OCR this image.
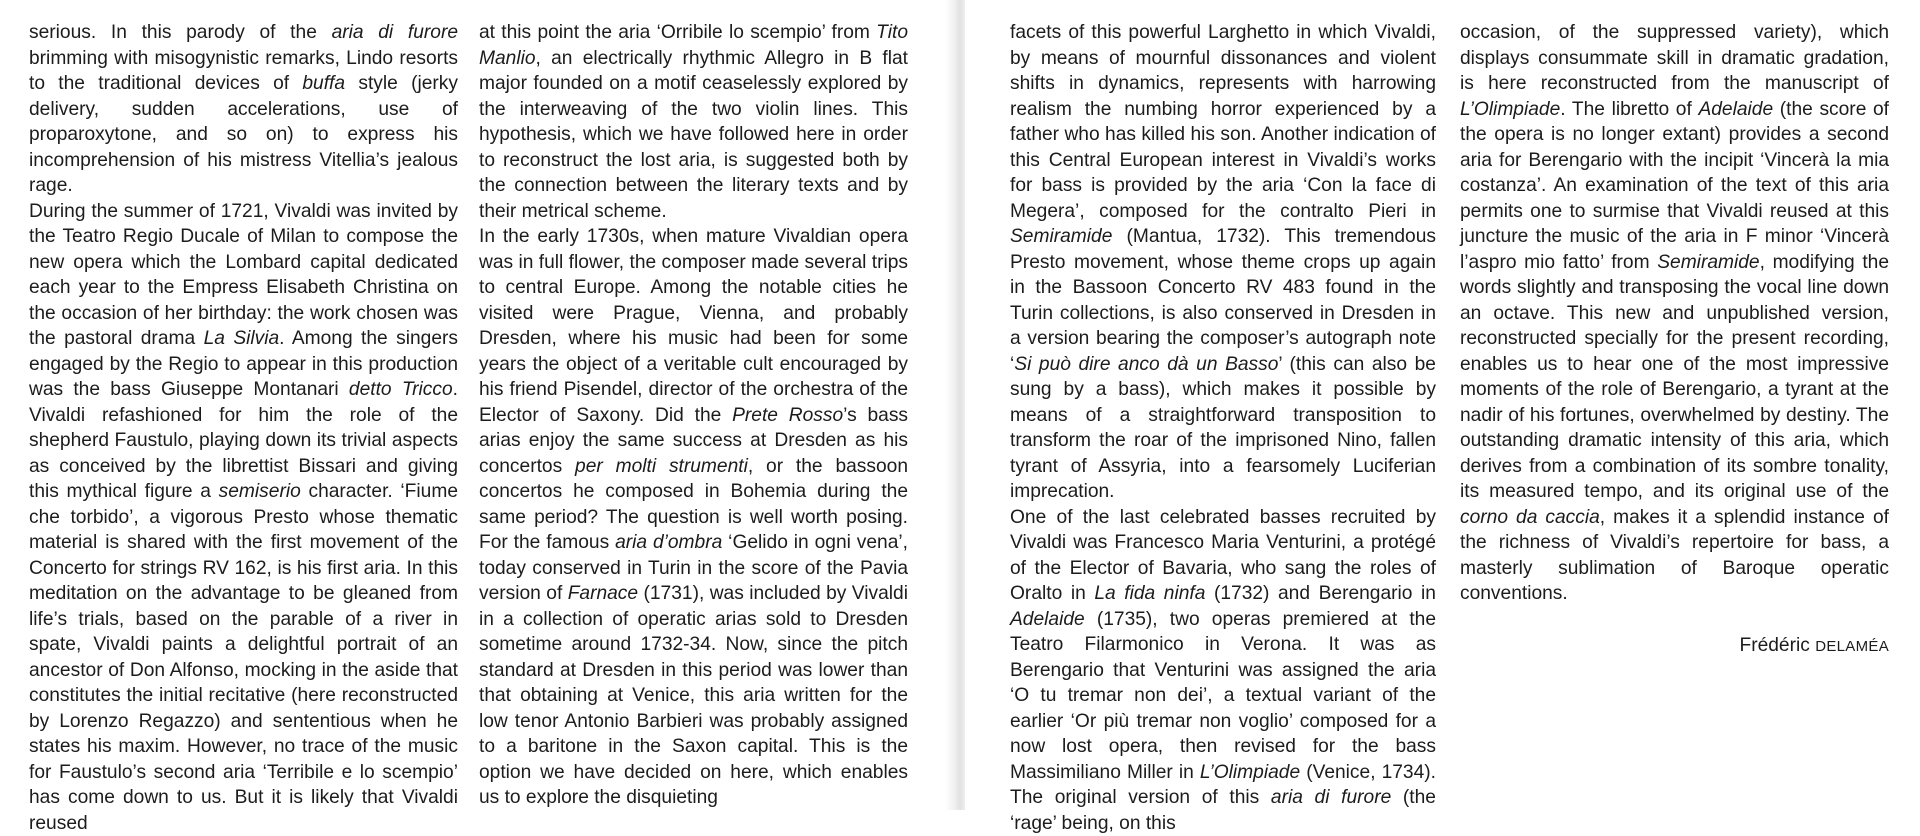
serious. In this parody of the aria di furore brimming with misogynistic remarks, Lindo resorts to the traditional devices of buffa style (jerky delivery, sudden accelerations, use of proparoxytone, and so on) to express his incomprehension of his mistress Vitellia’s jealous rage.

During the summer of 1721, Vivaldi was invited by the Teatro Regio Ducale of Milan to compose the new opera which the Lombard capital dedicated each year to the Empress Elisabeth Christina on the occasion of her birthday: the work chosen was the pastoral drama La Silvia. Among the singers engaged by the Regio to appear in this production was the bass Giuseppe Montanari detto Tricco. Vivaldi refashioned for him the role of the shepherd Faustulo, playing down its trivial aspects as conceived by the librettist Bissari and giving this mythical figure a semiserio character. ‘Fiume che torbido’, a vigorous Presto whose thematic material is shared with the first movement of the Concerto for strings RV 162, is his first aria. In this meditation on the advantage to be gleaned from life’s trials, based on the parable of a river in spate, Vivaldi paints a delightful portrait of an ancestor of Don Alfonso, mocking in the aside that constitutes the initial recitative (here reconstructed by Lorenzo Regazzo) and sententious when he states his maxim. However, no trace of the music for Faustulo’s second aria ‘Terribile e lo scempio’ has come down to us. But it is likely that Vivaldi reused

at this point the aria ‘Orribile lo scempio’ from Tito Manlio, an electrically rhythmic Allegro in B flat major founded on a motif ceaselessly explored by the interweaving of the two violin lines. This hypothesis, which we have followed here in order to reconstruct the lost aria, is suggested both by the connection between the literary texts and by their metrical scheme.

In the early 1730s, when mature Vivaldian opera was in full flower, the composer made several trips to central Europe. Among the notable cities he visited were Prague, Vienna, and probably Dresden, where his music had been for some years the object of a veritable cult encouraged by his friend Pisendel, director of the orchestra of the Elector of Saxony. Did the Prete Rosso’s bass arias enjoy the same success at Dresden as his concertos per molti strumenti, or the bassoon concertos he composed in Bohemia during the same period? The question is well worth posing. For the famous aria d’ombra ‘Gelido in ogni vena’, today conserved in Turin in the score of the Pavia version of Farnace (1731), was included by Vivaldi in a collection of operatic arias sold to Dresden sometime around 1732-34. Now, since the pitch standard at Dresden in this period was lower than that obtaining at Venice, this aria written for the low tenor Antonio Barbieri was probably assigned to a baritone in the Saxon capital. This is the option we have decided on here, which enables us to explore the disquieting

facets of this powerful Larghetto in which Vivaldi, by means of mournful dissonances and violent shifts in dynamics, represents with harrowing realism the numbing horror experienced by a father who has killed his son. Another indication of this Central European interest in Vivaldi’s works for bass is provided by the aria ‘Con la face di Megera’, composed for the contralto Pieri in Semiramide (Mantua, 1732). This tremendous Presto movement, whose theme crops up again in the Bassoon Concerto RV 483 found in the Turin collections, is also conserved in Dresden in a version bearing the composer’s autograph note ‘Si può dire anco dà un Basso’ (this can also be sung by a bass), which makes it possible by means of a straightforward transposition to transform the roar of the imprisoned Nino, fallen tyrant of Assyria, into a fearsomely Luciferian imprecation.

One of the last celebrated basses recruited by Vivaldi was Francesco Maria Venturini, a protégé of the Elector of Bavaria, who sang the roles of Oralto in La fida ninfa (1732) and Berengario in Adelaide (1735), two operas premiered at the Teatro Filarmonico in Verona. It was as Berengario that Venturini was assigned the aria ‘O tu tremar non dei’, a textual variant of the earlier ‘Or più tremar non voglio’ composed for a now lost opera, then revised for the bass Massimiliano Miller in L’Olimpiade (Venice, 1734). The original version of this aria di furore (the ‘rage’ being, on this

occasion, of the suppressed variety), which displays consummate skill in dramatic gradation, is here reconstructed from the manuscript of L’Olimpiade. The libretto of Adelaide (the score of the opera is no longer extant) provides a second aria for Berengario with the incipit ‘Vincerà la mia costanza’. An examination of the text of this aria permits one to surmise that Vivaldi reused at this juncture the music of the aria in F minor ‘Vincerà l’aspro mio fatto’ from Semiramide, modifying the words slightly and transposing the vocal line down an octave. This new and unpublished version, reconstructed specially for the present recording, enables us to hear one of the most impressive moments of the role of Berengario, a tyrant at the nadir of his fortunes, overwhelmed by destiny. The outstanding dramatic intensity of this aria, which derives from a combination of its sombre tonality, its measured tempo, and its original use of the corno da caccia, makes it a splendid instance of the richness of Vivaldi’s repertoire for bass, a masterly sublimation of Baroque operatic conventions.

Frédéric DELAMÉA
